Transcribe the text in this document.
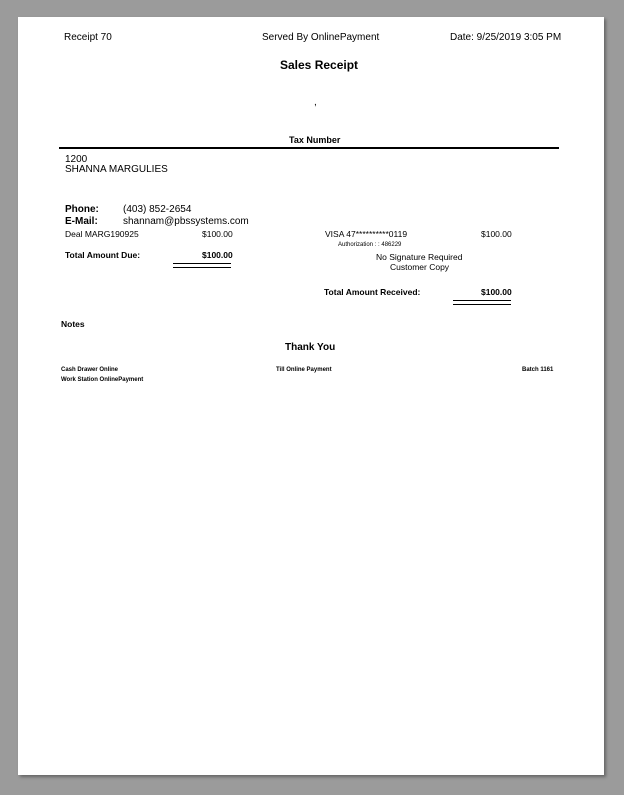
Receipt 70	Served By OnlinePayment	Date: 9/25/2019 3:05 PM
Sales Receipt
,
Tax Number
1200
SHANNA MARGULIES
Phone: (403) 852-2654
E-Mail:	shannam@pbssystems.com
Deal MARG190925	$100.00
Total Amount Due:	$100.00
VISA 47**********0119	$100.00
Authorization : : 486229
No Signature Required
Customer Copy
Total Amount Received:	$100.00
Notes
Thank You
Cash Drawer Online
Work Station OnlinePayment
Till Online Payment	Batch 1161
